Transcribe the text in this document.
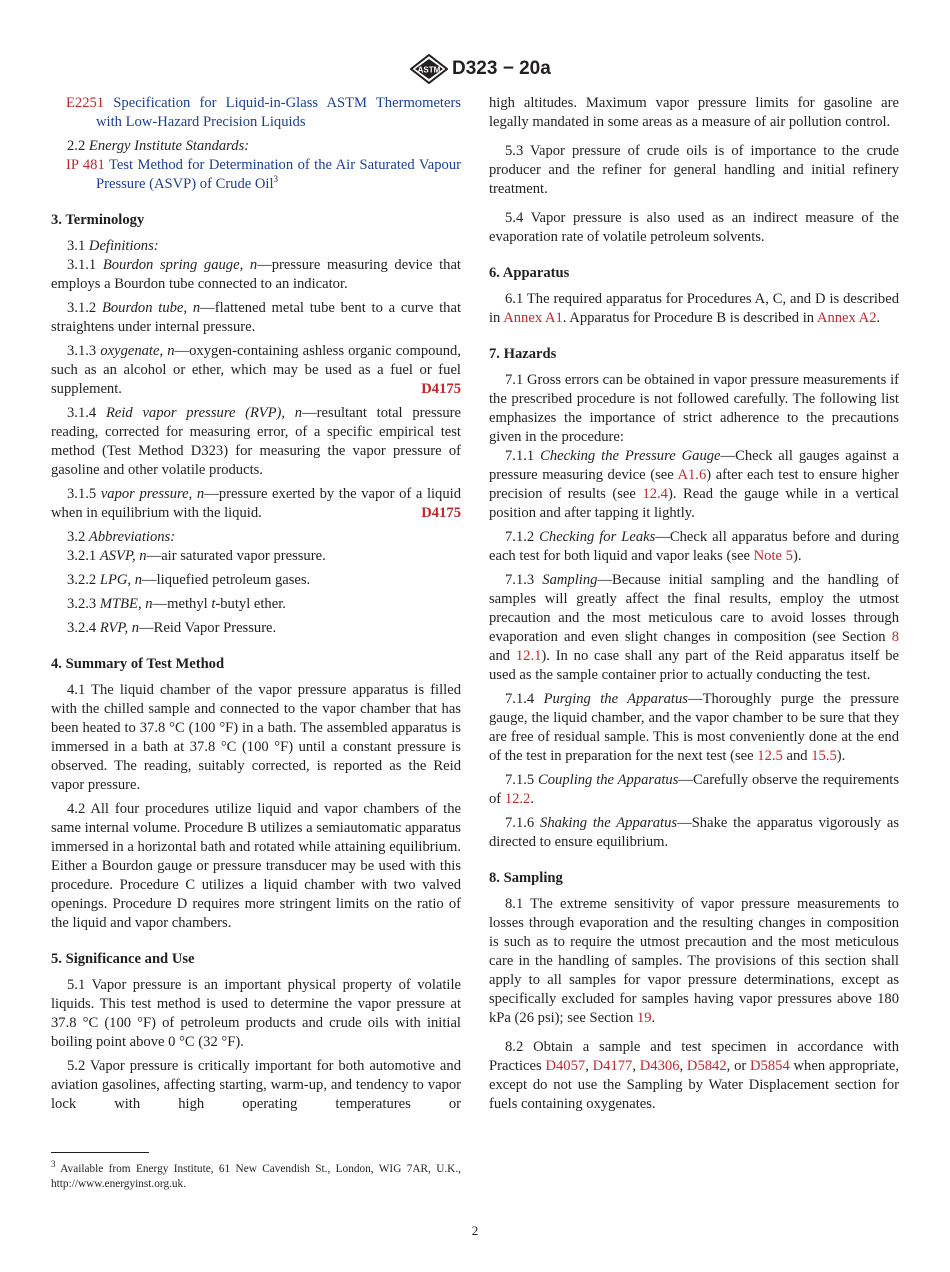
ASTM D323 − 20a

E2251 Specification for Liquid-in-Glass ASTM Thermometers with Low-Hazard Precision Liquids

2.2 Energy Institute Standards:

IP 481 Test Method for Determination of the Air Saturated Vapour Pressure (ASVP) of Crude Oil$^3$

3. Terminology

3.1 Definitions:

3.1.1 Bourdon spring gauge, n—pressure measuring device that employs a Bourdon tube connected to an indicator.

3.1.2 Bourdon tube, n—flattened metal tube bent to a curve that straightens under internal pressure.

3.1.3 oxygenate, n—oxygen-containing ashless organic compound, such as an alcohol or ether, which may be used as a fuel or fuel supplement.	D4175

3.1.4 Reid vapor pressure (RVP), n—resultant total pressure reading, corrected for measuring error, of a specific empirical test method (Test Method D323) for measuring the vapor pressure of gasoline and other volatile products.

3.1.5 vapor pressure, n—pressure exerted by the vapor of a liquid when in equilibrium with the liquid.	D4175

3.2 Abbreviations:

3.2.1 ASVP, n—air saturated vapor pressure.

3.2.2 LPG, n—liquefied petroleum gases.

3.2.3 MTBE, n—methyl t-butyl ether.

3.2.4 RVP, n—Reid Vapor Pressure.

4. Summary of Test Method

4.1 The liquid chamber of the vapor pressure apparatus is filled with the chilled sample and connected to the vapor chamber that has been heated to 37.8 °C (100 °F) in a bath. The assembled apparatus is immersed in a bath at 37.8 °C (100 °F) until a constant pressure is observed. The reading, suitably corrected, is reported as the Reid vapor pressure.

4.2 All four procedures utilize liquid and vapor chambers of the same internal volume. Procedure B utilizes a semiautomatic apparatus immersed in a horizontal bath and rotated while attaining equilibrium. Either a Bourdon gauge or pressure transducer may be used with this procedure. Procedure C utilizes a liquid chamber with two valved openings. Procedure D requires more stringent limits on the ratio of the liquid and vapor chambers.

5. Significance and Use

5.1 Vapor pressure is an important physical property of volatile liquids. This test method is used to determine the vapor pressure at 37.8 °C (100 °F) of petroleum products and crude oils with initial boiling point above 0 °C (32 °F).

5.2 Vapor pressure is critically important for both automotive and aviation gasolines, affecting starting, warm-up, and tendency to vapor lock with high operating temperatures or

high altitudes. Maximum vapor pressure limits for gasoline are legally mandated in some areas as a measure of air pollution control.

5.3 Vapor pressure of crude oils is of importance to the crude producer and the refiner for general handling and initial refinery treatment.

5.4 Vapor pressure is also used as an indirect measure of the evaporation rate of volatile petroleum solvents.

6. Apparatus

6.1 The required apparatus for Procedures A, C, and D is described in Annex A1. Apparatus for Procedure B is described in Annex A2.

7. Hazards

7.1 Gross errors can be obtained in vapor pressure measurements if the prescribed procedure is not followed carefully. The following list emphasizes the importance of strict adherence to the precautions given in the procedure:

7.1.1 Checking the Pressure Gauge—Check all gauges against a pressure measuring device (see A1.6) after each test to ensure higher precision of results (see 12.4). Read the gauge while in a vertical position and after tapping it lightly.

7.1.2 Checking for Leaks—Check all apparatus before and during each test for both liquid and vapor leaks (see Note 5).

7.1.3 Sampling—Because initial sampling and the handling of samples will greatly affect the final results, employ the utmost precaution and the most meticulous care to avoid losses through evaporation and even slight changes in composition (see Section 8 and 12.1). In no case shall any part of the Reid apparatus itself be used as the sample container prior to actually conducting the test.

7.1.4 Purging the Apparatus—Thoroughly purge the pressure gauge, the liquid chamber, and the vapor chamber to be sure that they are free of residual sample. This is most conveniently done at the end of the test in preparation for the next test (see 12.5 and 15.5).

7.1.5 Coupling the Apparatus—Carefully observe the requirements of 12.2.

7.1.6 Shaking the Apparatus—Shake the apparatus vigorously as directed to ensure equilibrium.

8. Sampling

8.1 The extreme sensitivity of vapor pressure measurements to losses through evaporation and the resulting changes in composition is such as to require the utmost precaution and the most meticulous care in the handling of samples. The provisions of this section shall apply to all samples for vapor pressure determinations, except as specifically excluded for samples having vapor pressures above 180 kPa (26 psi); see Section 19.

8.2 Obtain a sample and test specimen in accordance with Practices D4057, D4177, D4306, D5842, or D5854 when appropriate, except do not use the Sampling by Water Displacement section for fuels containing oxygenates.

$^3$ Available from Energy Institute, 61 New Cavendish St., London, WIG 7AR, U.K., http://www.energyinst.org.uk.

2
